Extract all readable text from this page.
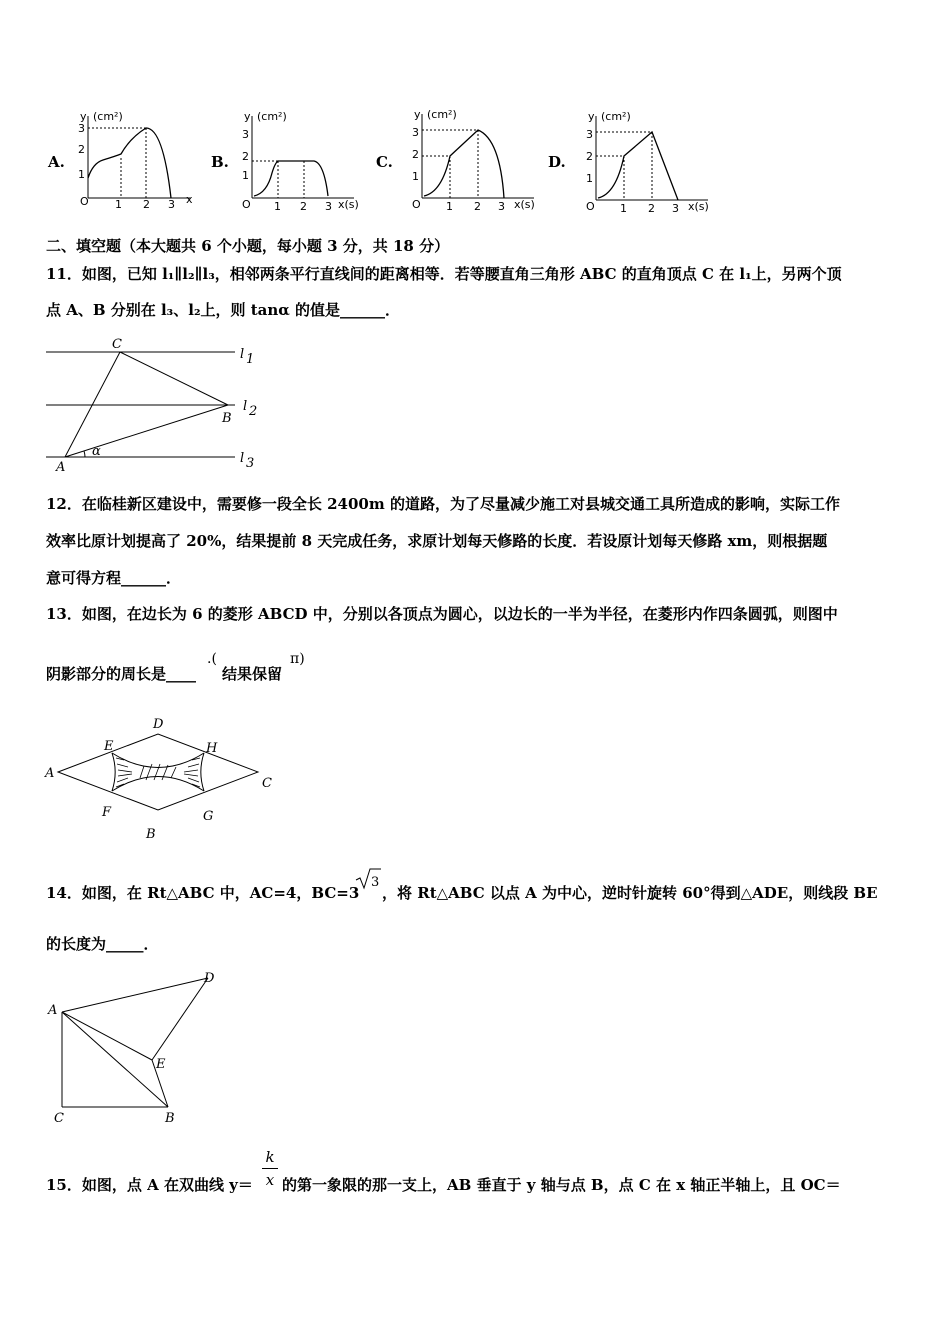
A.
y (cm²)
x
O
1
2
3
1 2 3
B.
y (cm²)
x(s)
O
1
2
3
1 2 3
C.
y (cm²)
x(s)
O
1
2
3
1 2 3
D.
y (cm²)
x(s)
O
1
2
3
1 2 3
二、填空题（本大题共 6 个小题，每小题 3 分，共 18 分）
11．如图，已知 l₁∥l₂∥l₃，相邻两条平行直线间的距离相等．若等腰直角三角形 ABC 的直角顶点 C 在 l₁上，另两个顶
点 A、B 分别在 l₃、l₂上，则 tanα 的值是______．
C
B
A
α
l 1
l 2
l 3
12．在临桂新区建设中，需要修一段全长 2400m 的道路，为了尽量减少施工对县城交通工具所造成的影响，实际工作
效率比原计划提高了 20%，结果提前 8 天完成任务，求原计划每天修路的长度．若设原计划每天修路 xm，则根据题
意可得方程______．
13．如图，在边长为 6 的菱形 ABCD 中，分别以各顶点为圆心，以边长的一半为半径，在菱形内作四条圆弧，则图中
阴影部分的周长是____
.(
结果保留
π)
A
D
C
B
E
F	G
H
14．如图，在 Rt△ABC 中，AC=4，BC=3
3
，将 Rt△ABC 以点 A 为中心，逆时针旋转 60°得到△ADE，则线段 BE
的长度为_____．
A
C	B
D
E
15．如图，点 A 在双曲线 y＝
k
x 的第一象限的那一支上，AB 垂直于 y 轴与点 B，点 C 在 x 轴正半轴上，且 OC＝
